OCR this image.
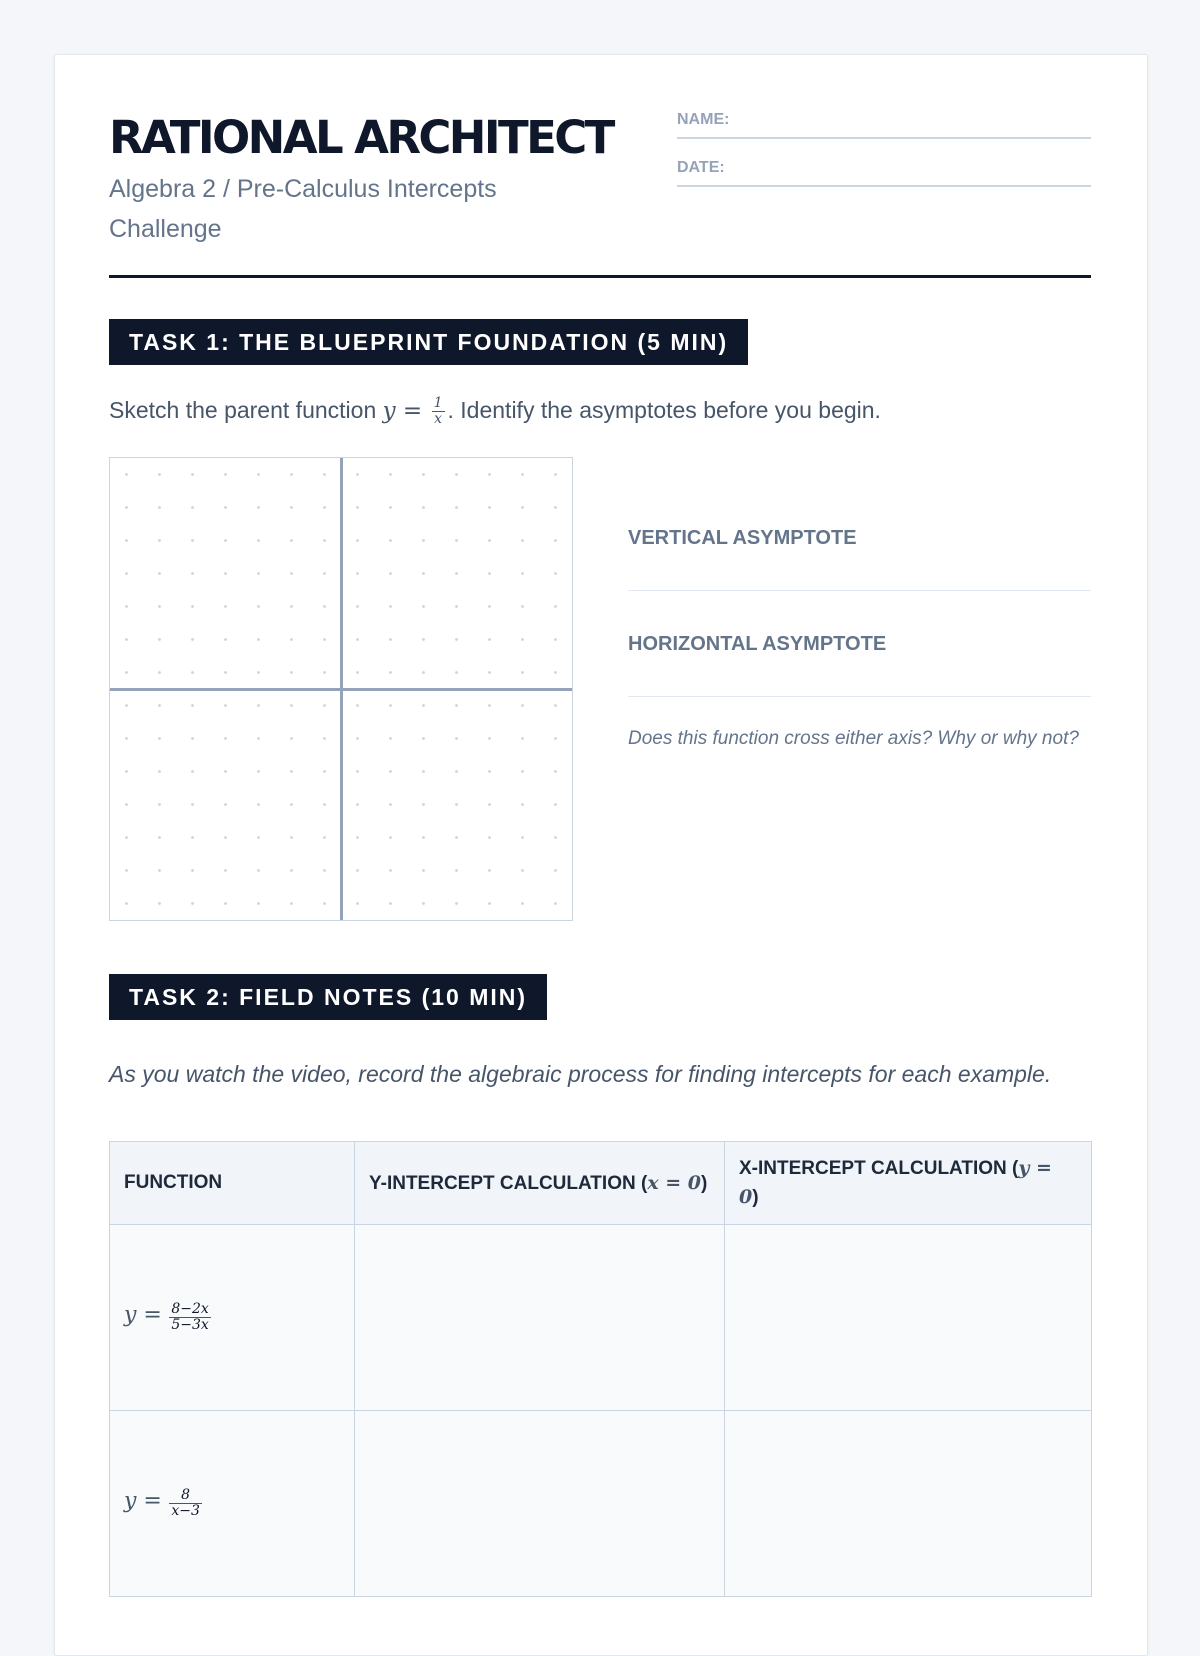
RATIONAL ARCHITECT

Algebra 2 / Pre-Calculus Intercepts Challenge

NAME:
DATE:
TASK 1: THE BLUEPRINT FOUNDATION (5 MIN)
Sketch the parent function $y = \frac{1}{x}$ . Identify the asymptotes before you begin.
VERTICAL ASYMPTOTE
HORIZONTAL ASYMPTOTE
Does this function cross either axis? Why or why not?
TASK 2: FIELD NOTES (10 MIN)

As you watch the video, record the algebraic process for finding intercepts for each example.

FUNCTION	Y-INTERCEPT CALCULATION (x = 0)	X-INTERCEPT CALCULATION (y = 0)
$y = \frac{8-2x}{5-3x}$

$y = \frac{8}{x-3}$
